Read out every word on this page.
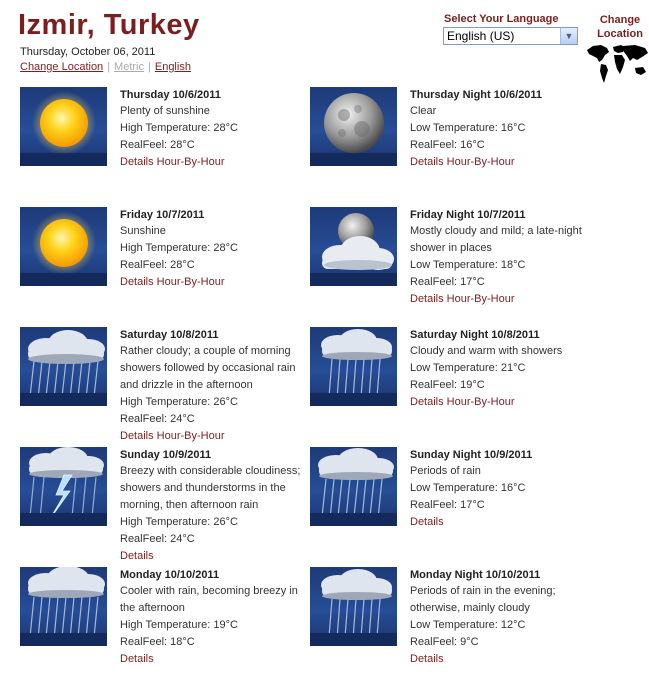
Izmir, Turkey
Thursday, October 06, 2011
Change Location | Metric | English
Select Your Language
English (US)	▼
Change Location
Thursday 10/6/2011
Plenty of sunshine
High Temperature: 28°C
RealFeel: 28°C
Details Hour-By-Hour
Thursday Night 10/6/2011
Clear
Low Temperature: 16°C
RealFeel: 16°C
Details Hour-By-Hour
Friday 10/7/2011
Sunshine
High Temperature: 28°C
RealFeel: 28°C
Details Hour-By-Hour
Friday Night 10/7/2011
Mostly cloudy and mild; a late-night
shower in places
Low Temperature: 18°C
RealFeel: 17°C
Details Hour-By-Hour
Saturday 10/8/2011
Rather cloudy; a couple of morning
showers followed by occasional rain
and drizzle in the afternoon
High Temperature: 26°C
RealFeel: 24°C
Details Hour-By-Hour
Saturday Night 10/8/2011
Cloudy and warm with showers
Low Temperature: 21°C
RealFeel: 19°C
Details Hour-By-Hour
Sunday 10/9/2011
Breezy with considerable cloudiness;
showers and thunderstorms in the
morning, then afternoon rain
High Temperature: 26°C
RealFeel: 24°C
Details
Sunday Night 10/9/2011
Periods of rain
Low Temperature: 16°C
RealFeel: 17°C
Details
Monday 10/10/2011
Cooler with rain, becoming breezy in
the afternoon
High Temperature: 19°C
RealFeel: 18°C
Details
Monday Night 10/10/2011
Periods of rain in the evening;
otherwise, mainly cloudy
Low Temperature: 12°C
RealFeel: 9°C
Details
